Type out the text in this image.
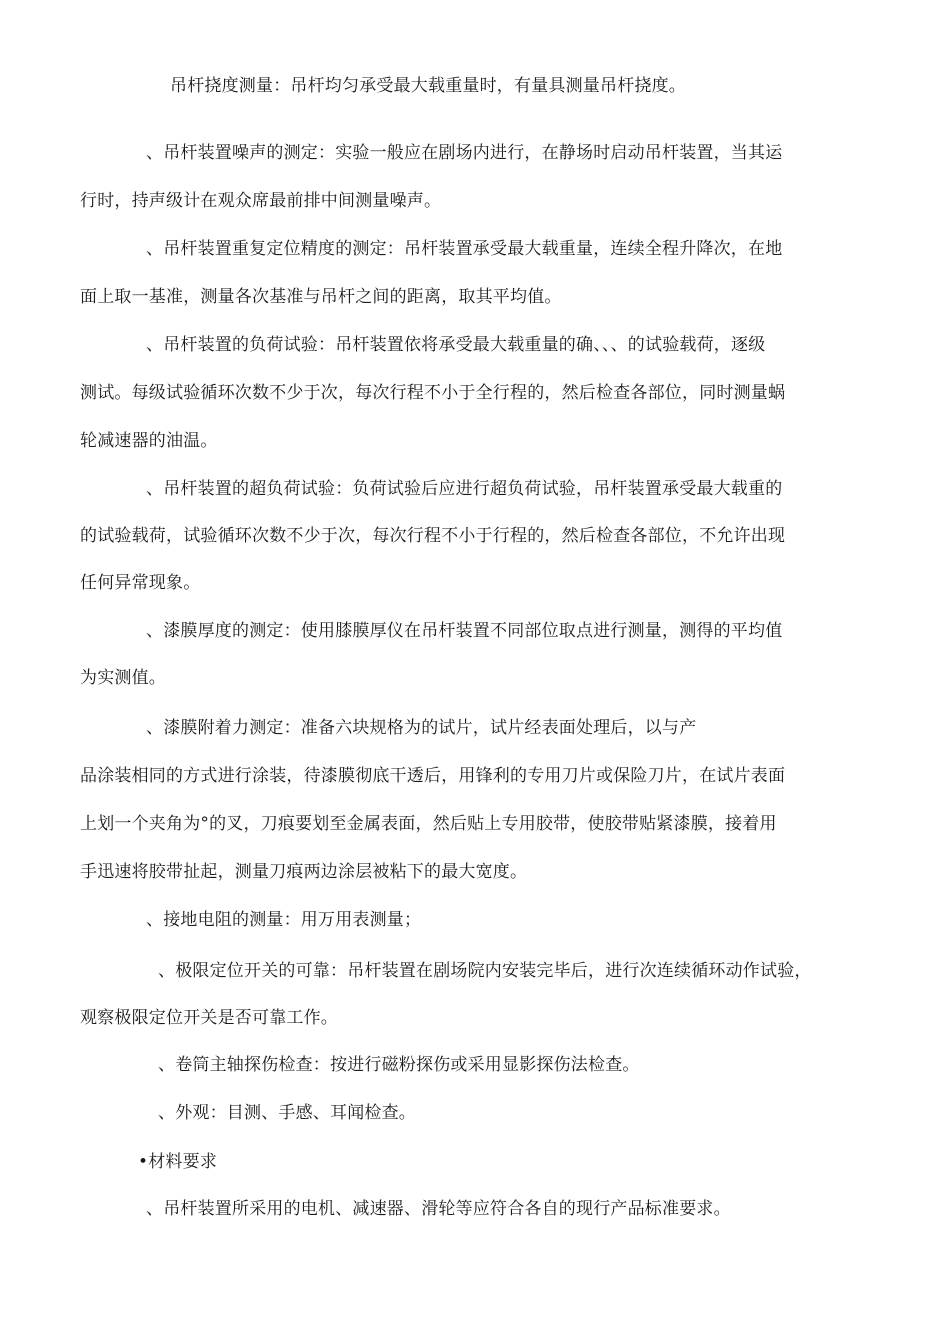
吊杆挠度测量：吊杆均匀承受最大载重量时，有量具测量吊杆挠度。
、吊杆装置噪声的测定：实验一般应在剧场内进行，在静场时启动吊杆装置，当其运
行时，持声级计在观众席最前排中间测量噪声。
、吊杆装置重复定位精度的测定：吊杆装置承受最大载重量，连续全程升降次，在地
面上取一基准，测量各次基准与吊杆之间的距离，取其平均值。
、吊杆装置的负荷试验：吊杆装置依将承受最大载重量的确、、、的试验载荷，逐级
测试。每级试验循环次数不少于次，每次行程不小于全行程的，然后检查各部位，同时测量蜗
轮减速器的油温。
、吊杆装置的超负荷试验：负荷试验后应进行超负荷试验，吊杆装置承受最大载重的
的试验载荷，试验循环次数不少于次，每次行程不小于行程的，然后检查各部位，不允许出现
任何异常现象。
、漆膜厚度的测定：使用膝膜厚仪在吊杆装置不同部位取点进行测量，测得的平均值
为实测值。
、漆膜附着力测定：准备六块规格为的试片，试片经表面处理后，以与产
品涂装相同的方式进行涂装，待漆膜彻底干透后，用锋利的专用刀片或保险刀片，在试片表面
上划一个夹角为°的叉，刀痕要划至金属表面，然后贴上专用胶带，使胶带贴紧漆膜，接着用
手迅速将胶带扯起，测量刀痕两边涂层被粘下的最大宽度。
、接地电阻的测量：用万用表测量；
、极限定位开关的可靠：吊杆装置在剧场院内安装完毕后，进行次连续循环动作试验，
观察极限定位开关是否可靠工作。
、卷筒主轴探伤检查：按进行磁粉探伤或采用显影探伤法检查。
、外观：目测、手感、耳闻检查。
•材料要求
、吊杆装置所采用的电机、减速器、滑轮等应符合各自的现行产品标准要求。
